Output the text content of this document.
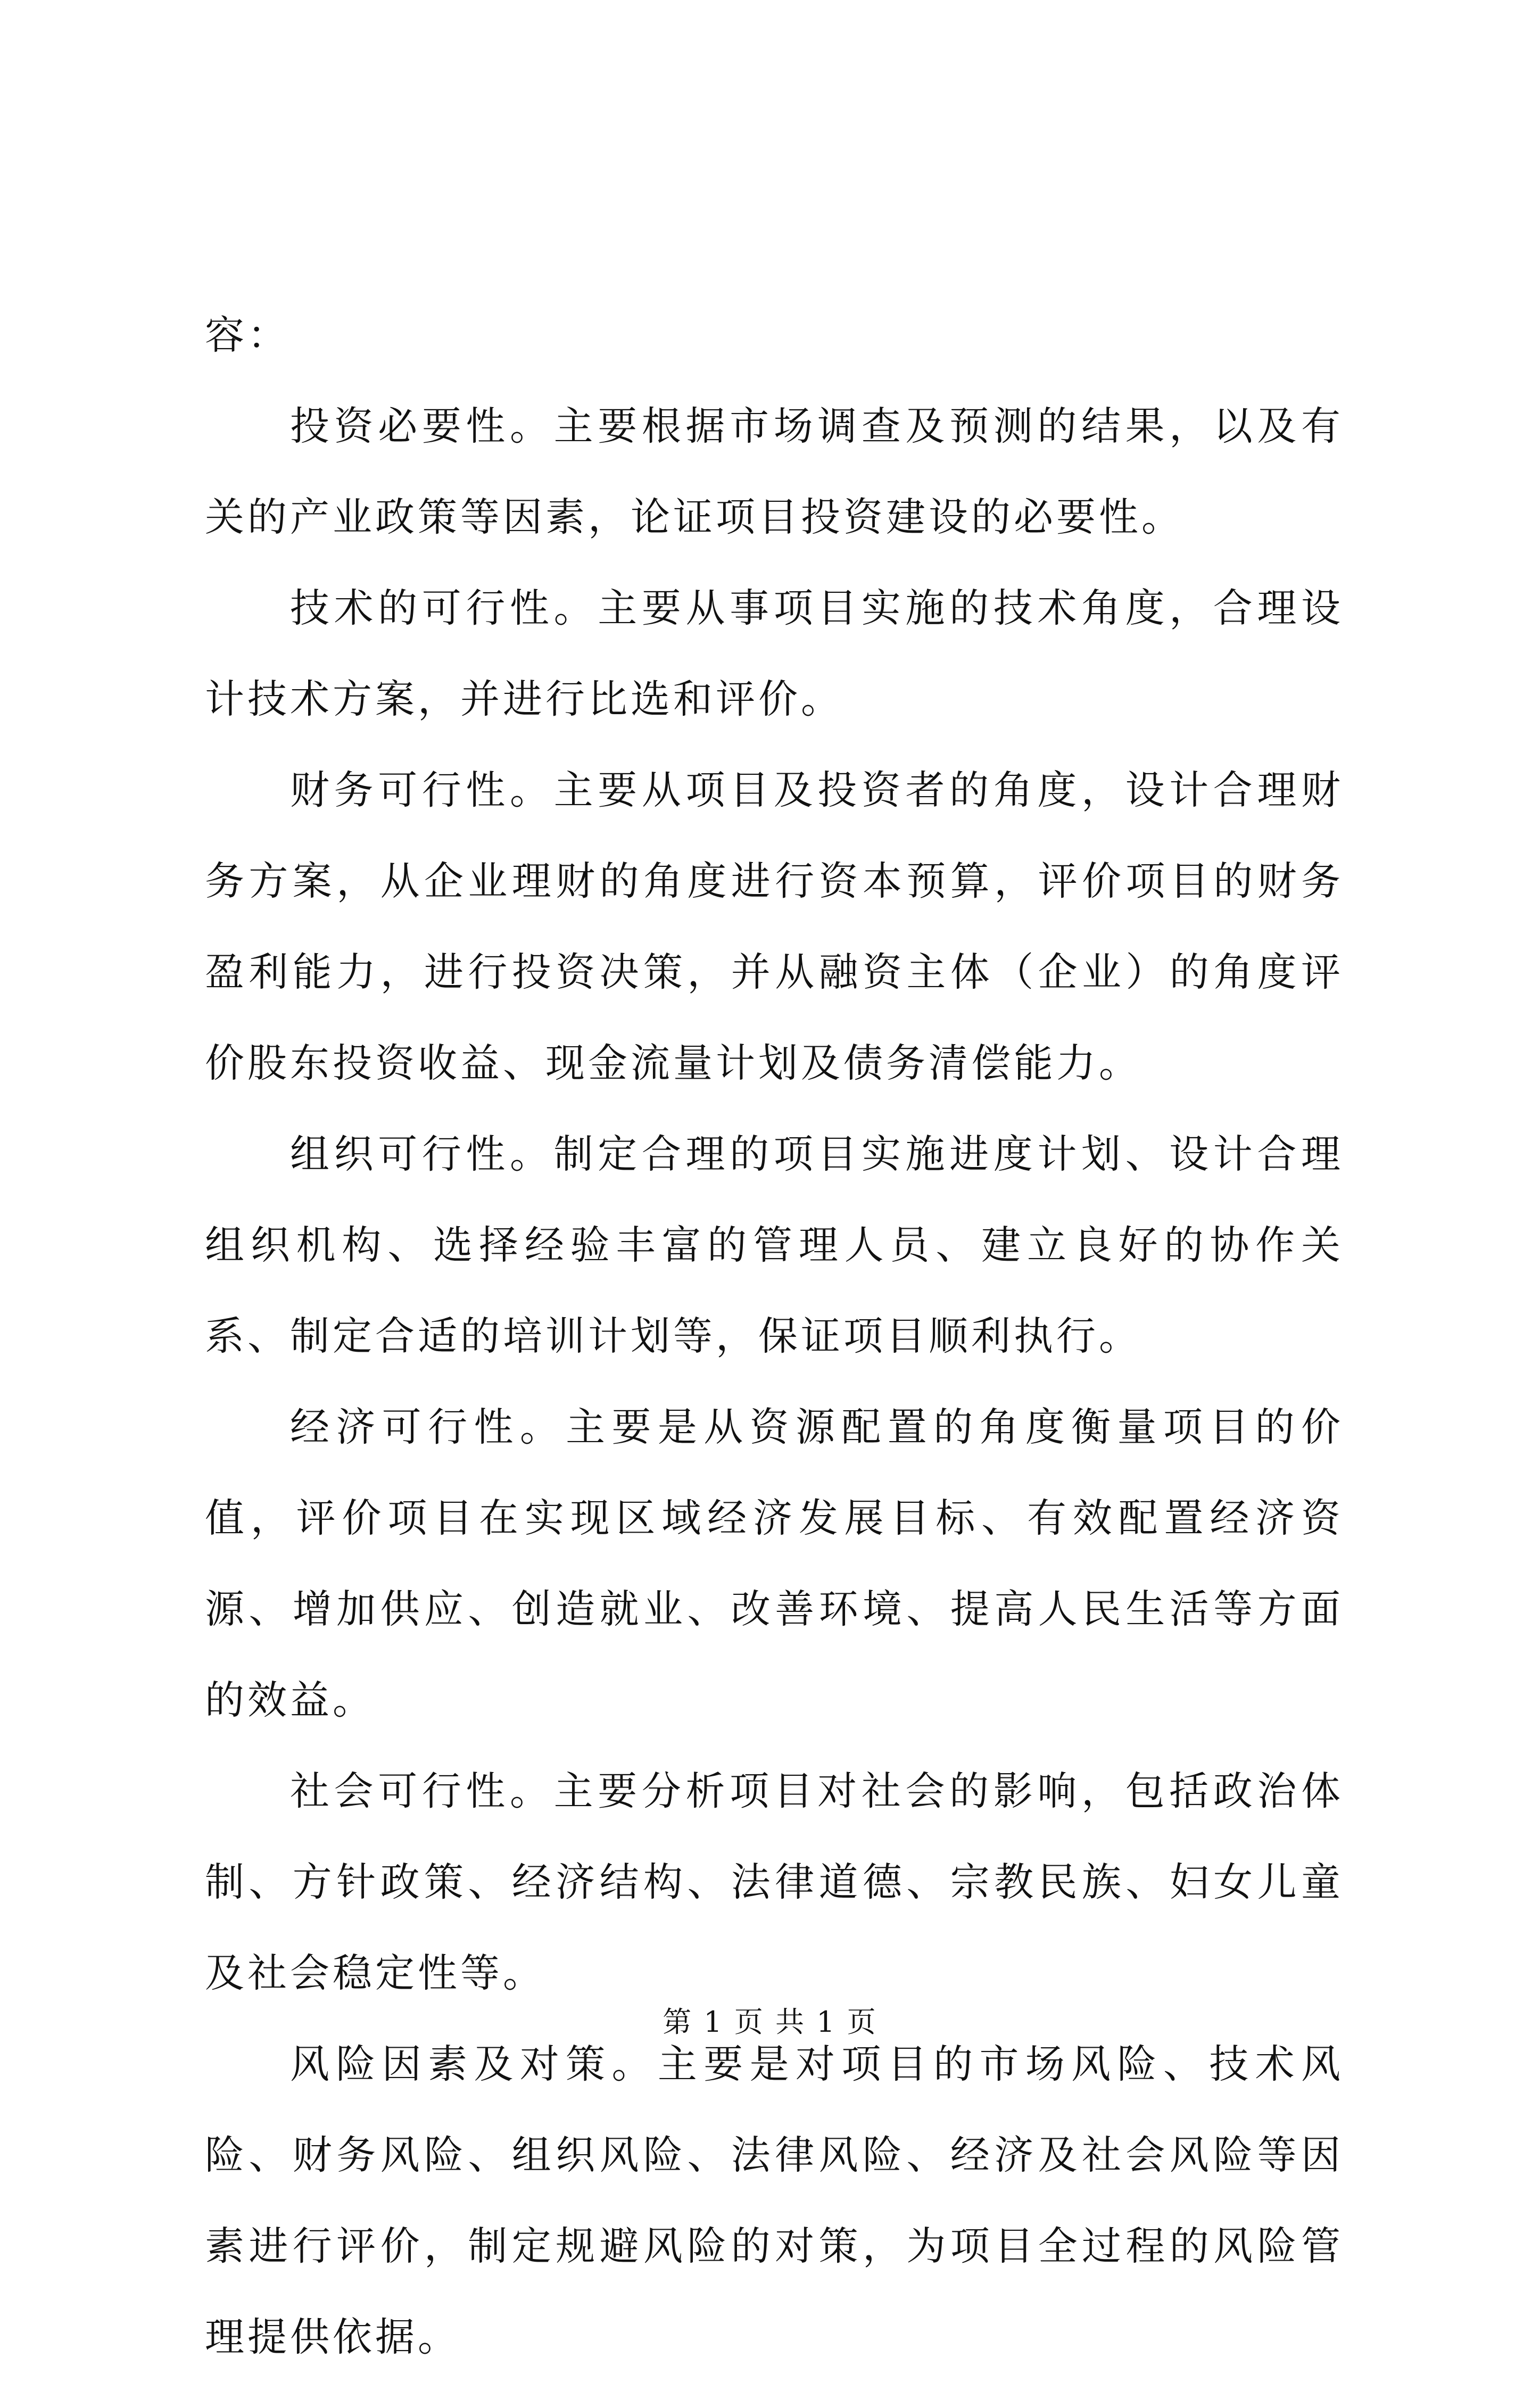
容：

投资必要性。主要根据市场调查及预测的结果，以及有关的产业政策等因素，论证项目投资建设的必要性。

技术的可行性。主要从事项目实施的技术角度，合理设计技术方案，并进行比选和评价。

财务可行性。主要从项目及投资者的角度，设计合理财务方案，从企业理财的角度进行资本预算，评价项目的财务盈利能力，进行投资决策，并从融资主体（企业）的角度评价股东投资收益、现金流量计划及债务清偿能力。

组织可行性。制定合理的项目实施进度计划、设计合理组织机构、选择经验丰富的管理人员、建立良好的协作关系、制定合适的培训计划等，保证项目顺利执行。

经济可行性。主要是从资源配置的角度衡量项目的价值，评价项目在实现区域经济发展目标、有效配置经济资源、增加供应、创造就业、改善环境、提高人民生活等方面的效益。

社会可行性。主要分析项目对社会的影响，包括政治体制、方针政策、经济结构、法律道德、宗教民族、妇女儿童及社会稳定性等。

风险因素及对策。主要是对项目的市场风险、技术风险、财务风险、组织风险、法律风险、经济及社会风险等因素进行评价，制定规避风险的对策，为项目全过程的风险管理提供依据。

第 1 页 共 1 页
